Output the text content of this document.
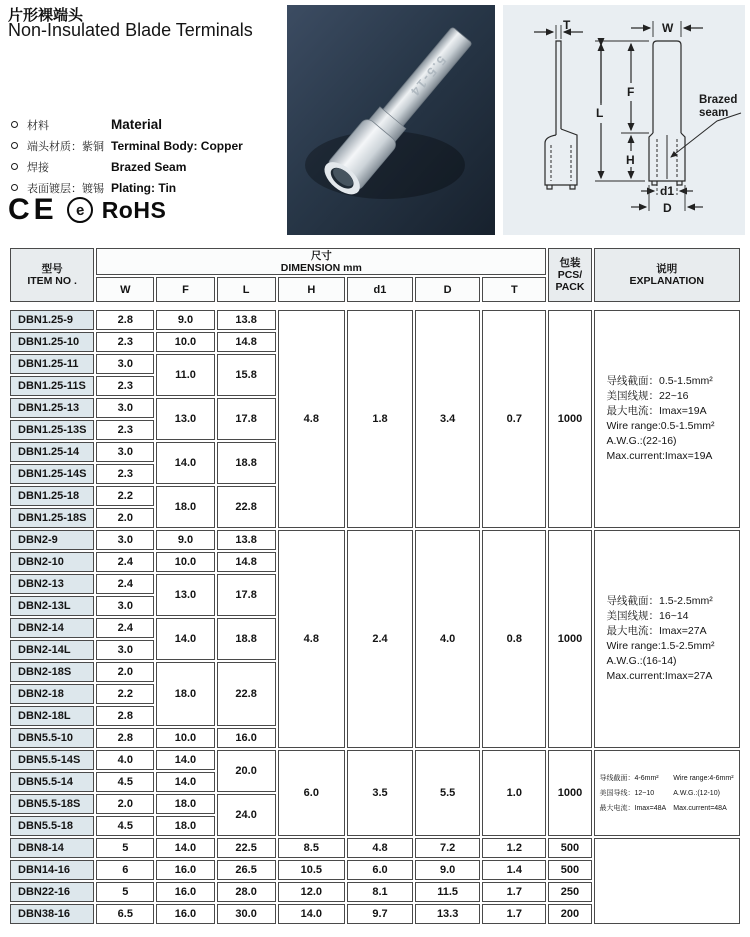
片形裸端头
Non-Insulated Blade Terminals
材料	Material
端头材质：紫铜 Terminal Body: Copper
焊接	Brazed Seam
表面镀层：镀锡 Plating: Tin
CE e RoHS
5.5-14
T	W
F
L
H
d1
D
Brazed
seam
型号
ITEM NO .	尺寸
DIMENSION mm							包装
PCS/
PACK	说明
EXPLANATION

	W	F	L	H	d1	D	T		
DBN1.25-9	2.8	9.0	13.8	4.8	1.8	3.4	0.7	1000	
导线截面：0.5-1.5mm²
美国线规：22~16
最大电流：Imax=19A
Wire range:0.5-1.5mm²
A.W.G.:(22-16)
Max.current:Imax=19A

DBN1.25-10	2.3	10.0	14.8						
DBN1.25-11	3.0	11.0	15.8						
DBN1.25-11S	2.3								
DBN1.25-13	3.0	13.0	17.8						
DBN1.25-13S	2.3								
DBN1.25-14	3.0	14.0	18.8						
DBN1.25-14S	2.3								
DBN1.25-18	2.2	18.0	22.8						
DBN1.25-18S	2.0								
DBN2-9	3.0	9.0	13.8	4.8	2.4	4.0	0.8	1000	
导线截面：1.5-2.5mm²
美国线规：16~14
最大电流：Imax=27A
Wire range:1.5-2.5mm²
A.W.G.:(16-14)
Max.current:Imax=27A

DBN2-10	2.4	10.0	14.8						
DBN2-13	2.4	13.0	17.8						
DBN2-13L	3.0								
DBN2-14	2.4	14.0	18.8						
DBN2-14L	3.0								
DBN2-18S	2.0	18.0	22.8						
DBN2-18	2.2								
DBN2-18L	2.8								
DBN5.5-10	2.8	10.0	16.0						
DBN5.5-14S	4.0	14.0	20.0	6.0	3.5	5.5	1.0	1000	
导线截面：4-6mm²
美国导线：12~10
最大电流：Imax=48A
Wire range:4-6mm²
A.W.G.:(12-10)
Max.current=48A

DBN5.5-14	4.5	14.0							
DBN5.5-18S	2.0	18.0	24.0						
DBN5.5-18	4.5	18.0							
DBN8-14	5	14.0	22.5	8.5	4.8	7.2	1.2	500	
DBN14-16	6	16.0	26.5	10.5	6.0	9.0	1.4	500	
DBN22-16	5	16.0	28.0	12.0	8.1	11.5	1.7	250	
DBN38-16	6.5	16.0	30.0	14.0	9.7	13.3	1.7	200	
